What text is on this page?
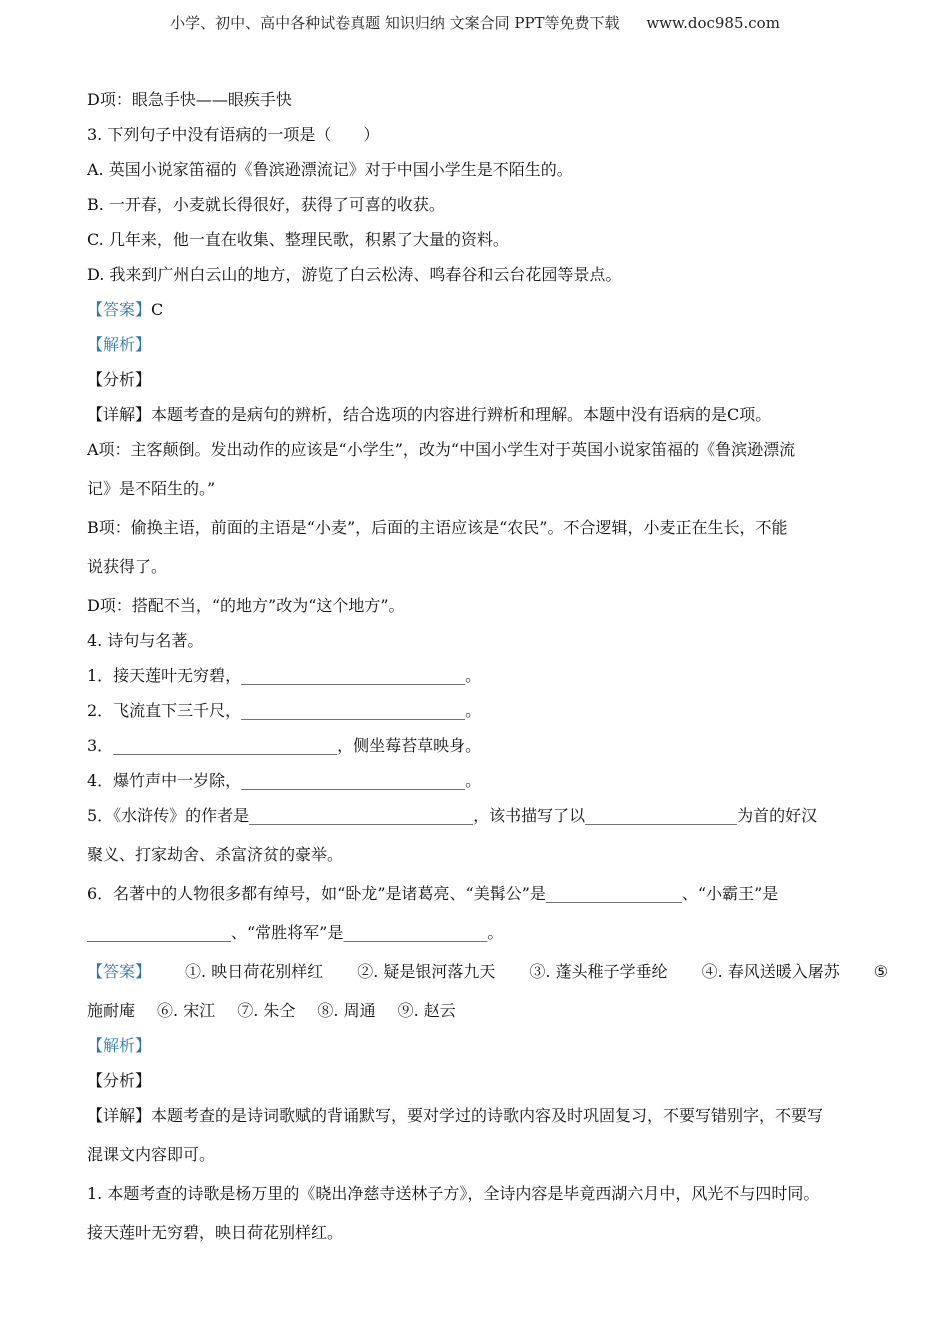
小学、初中、高中各种试卷真题 知识归纳 文案合同 PPT等免费下载 www.doc985.com
D项：眼急手快——眼疾手快
3. 下列句子中没有语病的一项是（　　）
A. 英国小说家笛福的《鲁滨逊漂流记》对于中国小学生是不陌生的。
B. 一开春，小麦就长得很好，获得了可喜的收获。
C. 几年来，他一直在收集、整理民歌，积累了大量的资料。
D. 我来到广州白云山的地方，游览了白云松涛、鸣春谷和云台花园等景点。
【答案】C
【解析】
【分析】
【详解】本题考查的是病句的辨析，结合选项的内容进行辨析和理解。本题中没有语病的是C项。
A项：主客颠倒。发出动作的应该是“小学生”，改为“中国小学生对于英国小说家笛福的《鲁滨逊漂流
记》是不陌生的。”
B项：偷换主语，前面的主语是“小麦”，后面的主语应该是“农民”。不合逻辑，小麦正在生长，不能
说获得了。
D项：搭配不当，“的地方”改为“这个地方”。
4. 诗句与名著。
1．接天莲叶无穷碧，____________________________。
2．飞流直下三千尺，____________________________。
3．____________________________，侧坐莓苔草映身。
4．爆竹声中一岁除，____________________________。
5．《水浒传》的作者是____________________________，该书描写了以___________________为首的好汉
聚义、打家劫舍、杀富济贫的豪举。
6．名著中的人物很多都有绰号，如“卧龙”是诸葛亮、“美髯公”是_________________、“小霸王”是
__________________、“常胜将军”是__________________。
【答案】 ①. 映日荷花别样红 ②. 疑是银河落九天 ③. 蓬头稚子学垂纶 ④. 春风送暖入屠苏 ⑤
施耐庵 ⑥. 宋江 ⑦. 朱仝 ⑧. 周通 ⑨. 赵云
【解析】
【分析】
【详解】本题考查的是诗词歌赋的背诵默写，要对学过的诗歌内容及时巩固复习，不要写错别字，不要写
混课文内容即可。
1. 本题考查的诗歌是杨万里的《晓出净慈寺送林子方》，全诗内容是毕竟西湖六月中，风光不与四时同。
接天莲叶无穷碧，映日荷花别样红。
